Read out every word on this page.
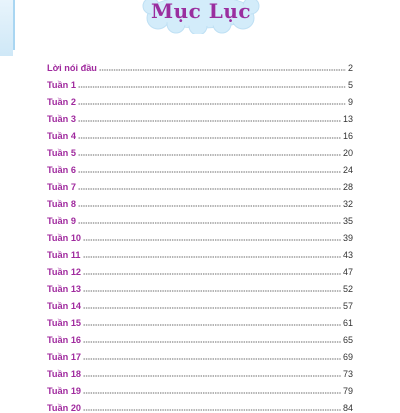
Mục Lục
Lời nói đầu	2
Tuần 1	5
Tuần 2	9
Tuần 3	13
Tuần 4	16
Tuần 5	20
Tuần 6	24
Tuần 7	28
Tuần 8	32
Tuần 9	35
Tuần 10	39
Tuần 11	43
Tuần 12	47
Tuần 13	52
Tuần 14	57
Tuần 15	61
Tuần 16	65
Tuần 17	69
Tuần 18	73
Tuần 19	79
Tuần 20	84
